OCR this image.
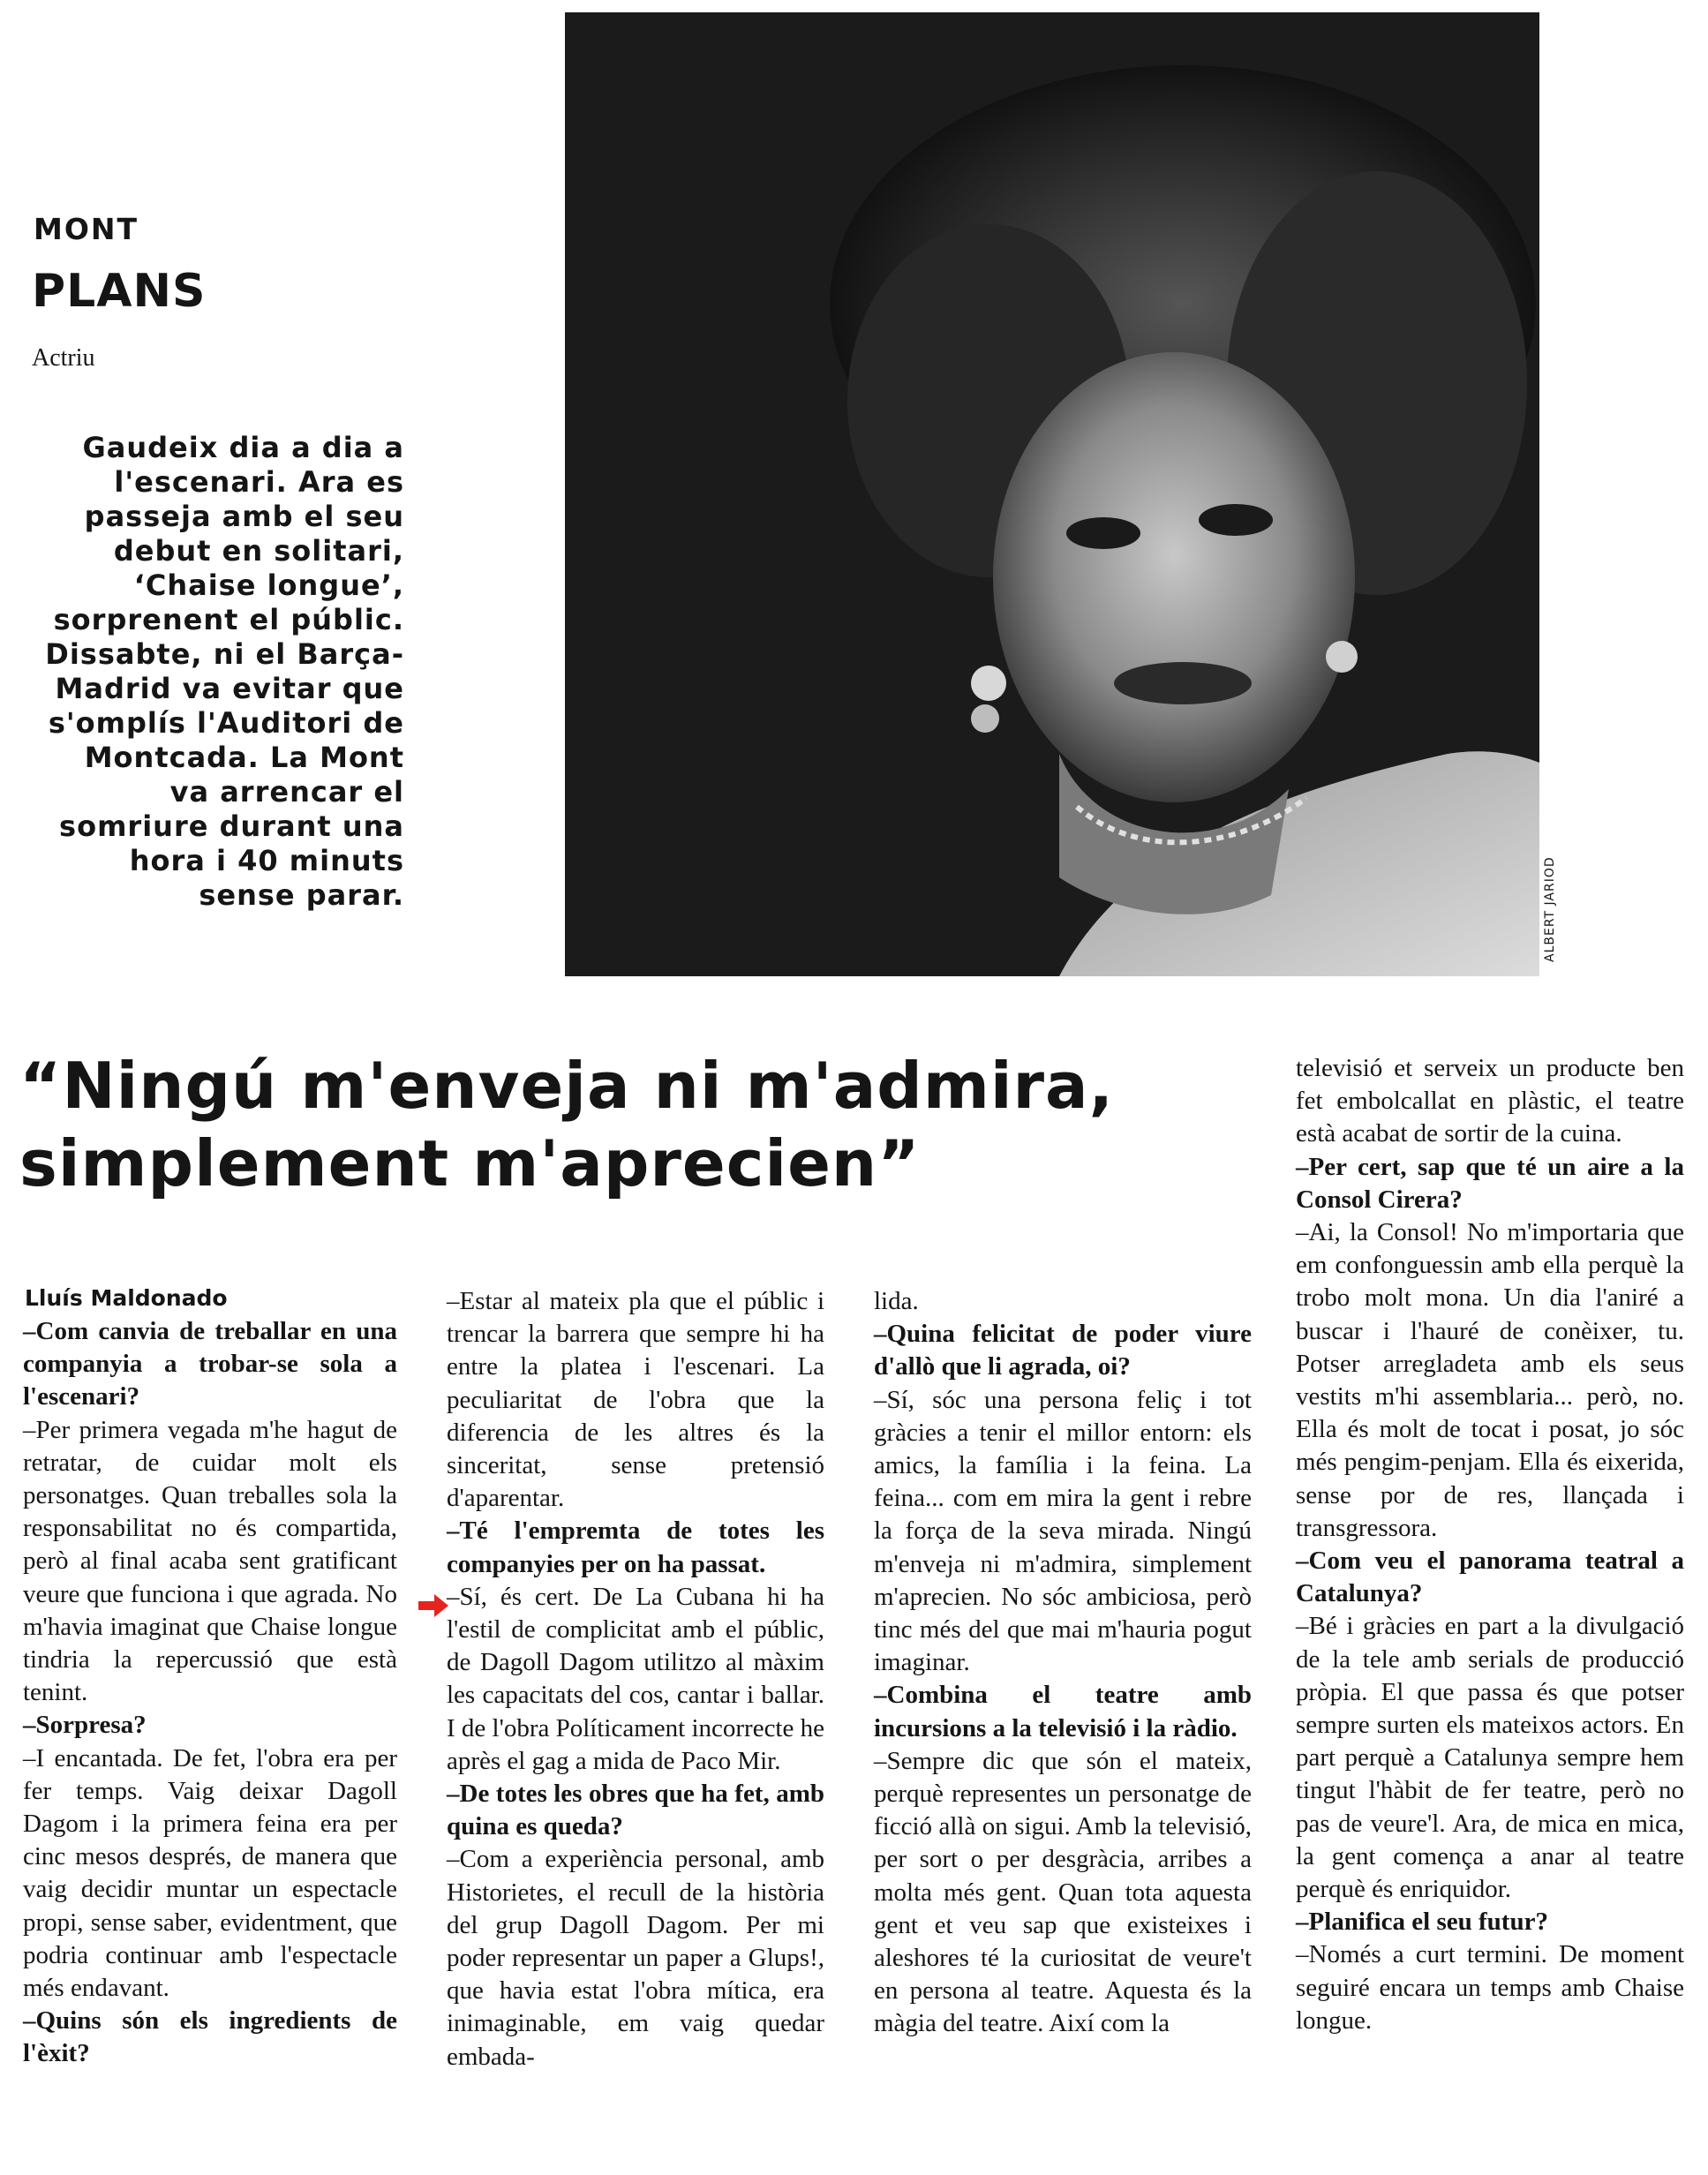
MONT
PLANS
Actriu
Gaudeix dia a dia a l'escenari. Ara es passeja amb el seu debut en solitari, ‘Chaise longue’, sorprenent el públic. Dissabte, ni el Barça-Madrid va evitar que s'omplís l'Auditori de Montcada. La Mont va arrencar el somriure durant una hora i 40 minuts sense parar.	ALBERT JARIOD
“Ningú m'enveja ni m'admira, simplement m'aprecien”
Lluís Maldonado

–Com canvia de treballar en una companyia a trobar-se sola a l'escenari?

–Per primera vegada m'he hagut de retratar, de cuidar molt els personatges. Quan treballes sola la responsabilitat no és compartida, però al final acaba sent gratificant veure que funciona i que agrada. No m'havia imaginat que Chaise longue tindria la repercussió que està tenint.

–Sorpresa?

–I encantada. De fet, l'obra era per fer temps. Vaig deixar Dagoll Dagom i la primera feina era per cinc mesos després, de manera que vaig decidir muntar un espectacle propi, sense saber, evidentment, que podria continuar amb l'espectacle més endavant.

–Quins són els ingredients de l'èxit?

–Estar al mateix pla que el públic i trencar la barrera que sempre hi ha entre la platea i l'escenari. La peculiaritat de l'obra que la diferencia de les altres és la sinceritat, sense pretensió d'aparentar.

–Té l'empremta de totes les companyies per on ha passat.

–Sí, és cert. De La Cubana hi ha l'estil de complicitat amb el públic, de Dagoll Dagom utilitzo al màxim les capacitats del cos, cantar i ballar. I de l'obra Políticament incorrecte he après el gag a mida de Paco Mir.

–De totes les obres que ha fet, amb quina es queda?

–Com a experiència personal, amb Historietes, el recull de la història del grup Dagoll Dagom. Per mi poder representar un paper a Glups!, que havia estat l'obra mítica, era inimaginable, em vaig quedar embada-

lida.

–Quina felicitat de poder viure d'allò que li agrada, oi?

–Sí, sóc una persona feliç i tot gràcies a tenir el millor entorn: els amics, la família i la feina. La feina... com em mira la gent i rebre la força de la seva mirada. Ningú m'enveja ni m'admira, simplement m'aprecien. No sóc ambiciosa, però tinc més del que mai m'hauria pogut imaginar.

–Combina el teatre amb incursions a la televisió i la ràdio.

–Sempre dic que són el mateix, perquè representes un personatge de ficció allà on sigui. Amb la televisió, per sort o per desgràcia, arribes a molta més gent. Quan tota aquesta gent et veu sap que existeixes i aleshores té la curiositat de veure't en persona al teatre. Aquesta és la màgia del teatre. Així com la

televisió et serveix un producte ben fet embolcallat en plàstic, el teatre està acabat de sortir de la cuina.

–Per cert, sap que té un aire a la Consol Cirera?

–Ai, la Consol! No m'importaria que em confonguessin amb ella perquè la trobo molt mona. Un dia l'aniré a buscar i l'hauré de conèixer, tu. Potser arregladeta amb els seus vestits m'hi assemblaria... però, no. Ella és molt de tocat i posat, jo sóc més pengim-penjam. Ella és eixerida, sense por de res, llançada i transgressora.

–Com veu el panorama teatral a Catalunya?

–Bé i gràcies en part a la divulgació de la tele amb serials de producció pròpia. El que passa és que potser sempre surten els mateixos actors. En part perquè a Catalunya sempre hem tingut l'hàbit de fer teatre, però no pas de veure'l. Ara, de mica en mica, la gent comença a anar al teatre perquè és enriquidor.

–Planifica el seu futur?

–Només a curt termini. De moment seguiré encara un temps amb Chaise longue.
